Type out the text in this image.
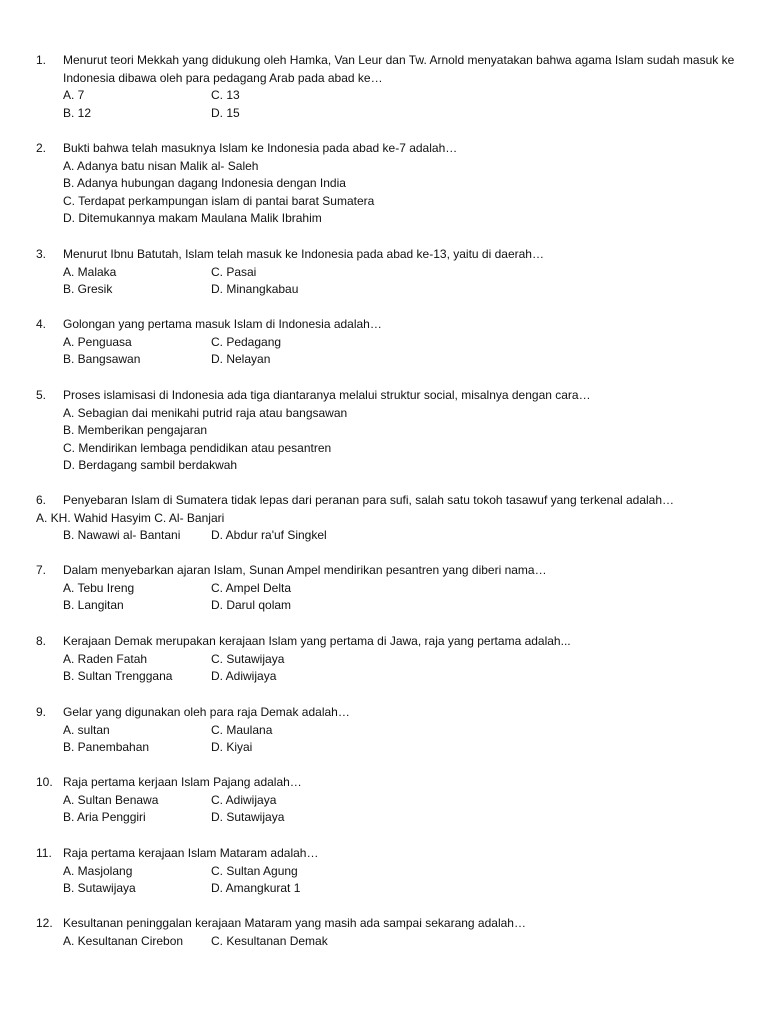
1. Menurut teori Mekkah yang didukung oleh Hamka, Van Leur dan Tw. Arnold menyatakan bahwa agama Islam sudah masuk ke
Indonesia dibawa oleh para pedagang Arab pada abad ke…
A. 7	C. 13
B. 12	D. 15
2. Bukti bahwa telah masuknya Islam ke Indonesia pada abad ke-7 adalah…
A. Adanya batu nisan Malik al- Saleh
B. Adanya hubungan dagang Indonesia dengan India
C. Terdapat perkampungan islam di pantai barat Sumatera
D. Ditemukannya makam Maulana Malik Ibrahim
3. Menurut Ibnu Batutah, Islam telah masuk ke Indonesia pada abad ke-13, yaitu di daerah…
A. Malaka	C. Pasai
B. Gresik	D. Minangkabau
4. Golongan yang pertama masuk Islam di Indonesia adalah…
A. Penguasa	C. Pedagang
B. Bangsawan	D. Nelayan
5. Proses islamisasi di Indonesia ada tiga diantaranya melalui struktur social, misalnya dengan cara…
A. Sebagian dai menikahi putrid raja atau bangsawan
B. Memberikan pengajaran
C. Mendirikan lembaga pendidikan atau pesantren
D. Berdagang sambil berdakwah
6. Penyebaran Islam di Sumatera tidak lepas dari peranan para sufi, salah satu tokoh tasawuf yang terkenal adalah…
A. KH. Wahid Hasyim C. Al- Banjari
B. Nawawi al- Bantani	D. Abdur ra'uf Singkel
7. Dalam menyebarkan ajaran Islam, Sunan Ampel mendirikan pesantren yang diberi nama…
A. Tebu Ireng	C. Ampel Delta
B. Langitan	D. Darul qolam
8. Kerajaan Demak merupakan kerajaan Islam yang pertama di Jawa, raja yang pertama adalah...
A. Raden Fatah	C. Sutawijaya
B. Sultan Trenggana	D. Adiwijaya
9. Gelar yang digunakan oleh para raja Demak adalah…
A. sultan	C. Maulana
B. Panembahan	D. Kiyai
10. Raja pertama kerjaan Islam Pajang adalah…
A. Sultan Benawa	C. Adiwijaya
B. Aria Penggiri	D. Sutawijaya
11. Raja pertama kerajaan Islam Mataram adalah…
A. Masjolang	C. Sultan Agung
B. Sutawijaya	D. Amangkurat 1
12. Kesultanan peninggalan kerajaan Mataram yang masih ada sampai sekarang adalah…
A. Kesultanan Cirebon C. Kesultanan Demak
